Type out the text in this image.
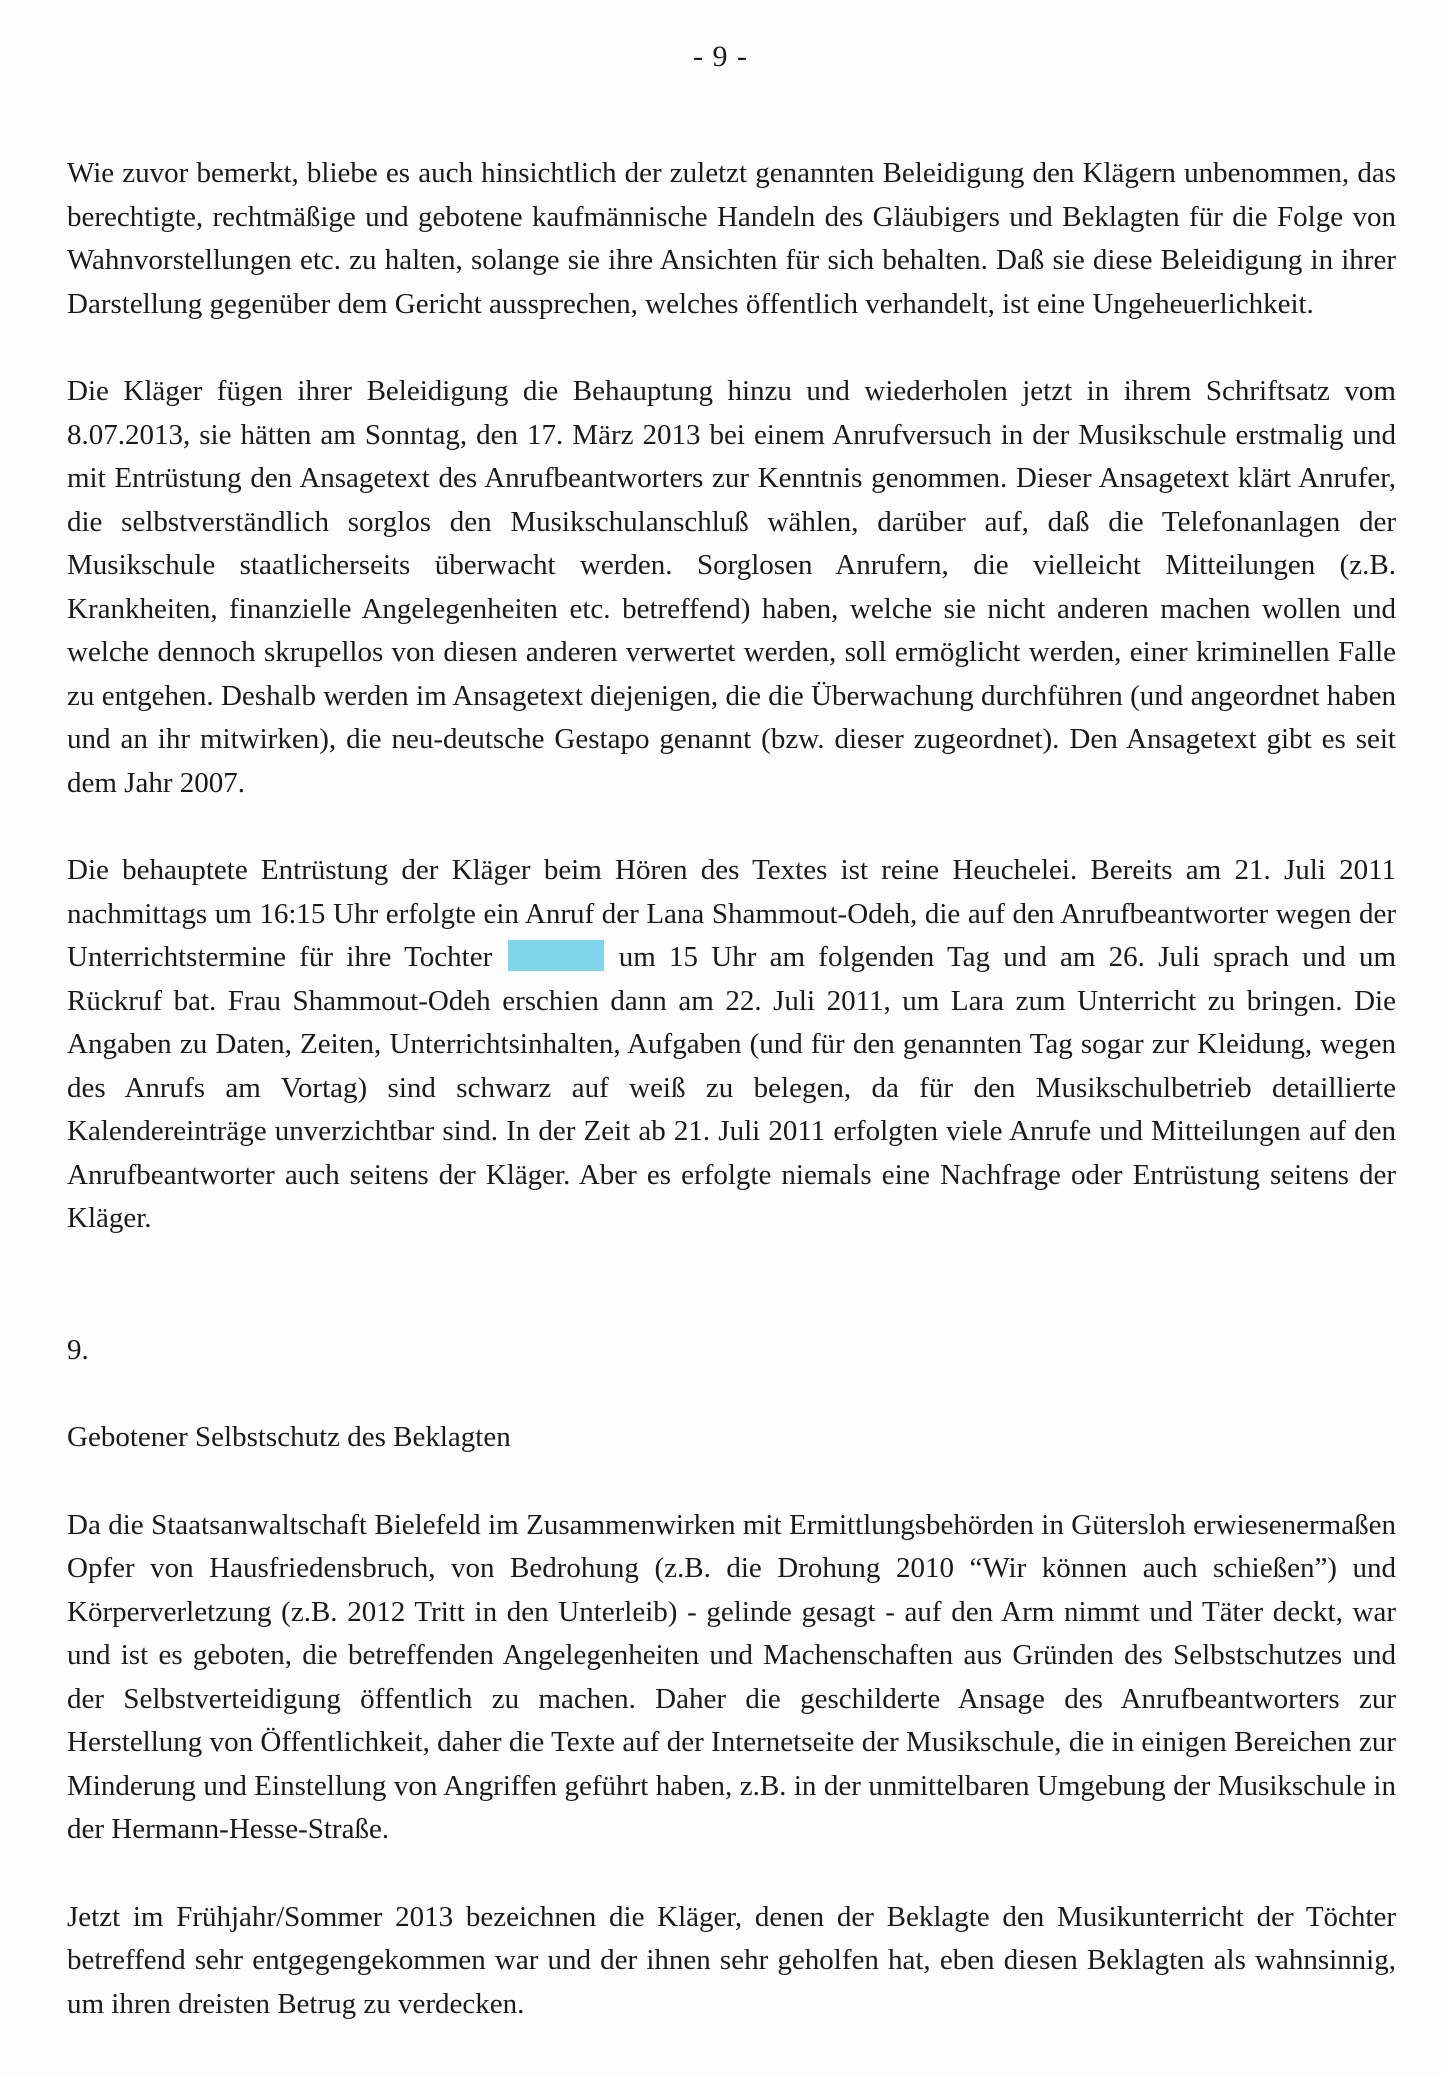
- 9 -

Wie zuvor bemerkt, bliebe es auch hinsichtlich der zuletzt genannten Beleidigung den Klägern unbenommen, das berechtigte, rechtmäßige und gebotene kaufmännische Handeln des Gläubigers und Beklagten für die Folge von Wahnvorstellungen etc. zu halten, solange sie ihre Ansichten für sich behalten. Daß sie diese Beleidigung in ihrer Darstellung gegenüber dem Gericht aussprechen, welches öffentlich verhandelt, ist eine Ungeheuerlichkeit.

Die Kläger fügen ihrer Beleidigung die Behauptung hinzu und wiederholen jetzt in ihrem Schriftsatz vom 8.07.2013, sie hätten am Sonntag, den 17. März 2013 bei einem Anrufversuch in der Musikschule erstmalig und mit Entrüstung den Ansagetext des Anrufbeantworters zur Kenntnis genommen. Dieser Ansagetext klärt Anrufer, die selbstverständlich sorglos den Musikschulanschluß wählen, darüber auf, daß die Telefonanlagen der Musikschule staatlicherseits überwacht werden. Sorglosen Anrufern, die vielleicht Mitteilungen (z.B. Krankheiten, finanzielle Angelegenheiten etc. betreffend) haben, welche sie nicht anderen machen wollen und welche dennoch skrupellos von diesen anderen verwertet werden, soll ermöglicht werden, einer kriminellen Falle zu entgehen. Deshalb werden im Ansagetext diejenigen, die die Überwachung durchführen (und angeordnet haben und an ihr mitwirken), die neu-deutsche Gestapo genannt (bzw. dieser zugeordnet). Den Ansagetext gibt es seit dem Jahr 2007.

Die behauptete Entrüstung der Kläger beim Hören des Textes ist reine Heuchelei. Bereits am 21. Juli 2011 nachmittags um 16:15 Uhr erfolgte ein Anruf der Lana Shammout-Odeh, die auf den Anrufbeantworter wegen der Unterrichtstermine für ihre Tochter	um 15 Uhr am folgenden Tag und am 26. Juli sprach und um Rückruf bat. Frau Shammout-Odeh erschien dann am 22. Juli 2011, um Lara zum Unterricht zu bringen. Die Angaben zu Daten, Zeiten, Unterrichtsinhalten, Aufgaben (und für den genannten Tag sogar zur Kleidung, wegen des Anrufs am Vortag) sind schwarz auf weiß zu belegen, da für den Musikschulbetrieb detaillierte Kalendereinträge unverzichtbar sind. In der Zeit ab 21. Juli 2011 erfolgten viele Anrufe und Mitteilungen auf den Anrufbeantworter auch seitens der Kläger. Aber es erfolgte niemals eine Nachfrage oder Entrüstung seitens der Kläger.

9.

Gebotener Selbstschutz des Beklagten

Da die Staatsanwaltschaft Bielefeld im Zusammenwirken mit Ermittlungsbehörden in Gütersloh erwiesenermaßen Opfer von Hausfriedensbruch, von Bedrohung (z.B. die Drohung 2010 “Wir können auch schießen”) und Körperverletzung (z.B. 2012 Tritt in den Unterleib) - gelinde gesagt - auf den Arm nimmt und Täter deckt, war und ist es geboten, die betreffenden Angelegenheiten und Machenschaften aus Gründen des Selbstschutzes und der Selbstverteidigung öffentlich zu machen. Daher die geschilderte Ansage des Anrufbeantworters zur Herstellung von Öffentlichkeit, daher die Texte auf der Internetseite der Musikschule, die in einigen Bereichen zur Minderung und Einstellung von Angriffen geführt haben, z.B. in der unmittelbaren Umgebung der Musikschule in der Hermann-Hesse-Straße.

Jetzt im Frühjahr/Sommer 2013 bezeichnen die Kläger, denen der Beklagte den Musikunterricht der Töchter betreffend sehr entgegengekommen war und der ihnen sehr geholfen hat, eben diesen Beklagten als wahnsinnig, um ihren dreisten Betrug zu verdecken.
